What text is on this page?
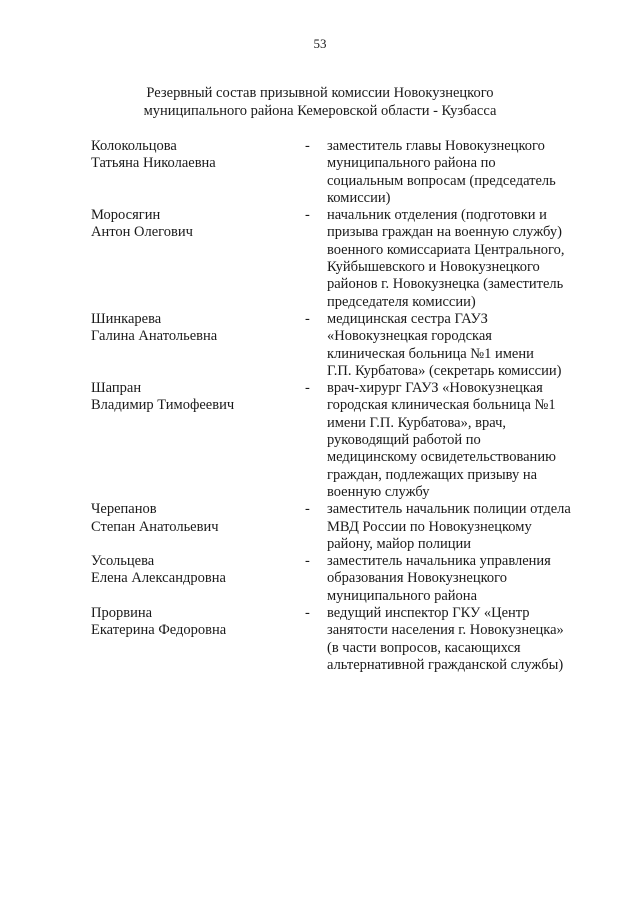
53
Резервный состав призывной комиссии Новокузнецкого
муниципального района Кемеровской области - Кузбасса
Колокольцова
Татьяна Николаевна
-	заместитель главы Новокузнецкого
муниципального района по
социальным вопросам (председатель
комиссии)
Моросягин
Антон Олегович
-	начальник отделения (подготовки и
призыва граждан на военную службу)
военного комиссариата Центрального,
Куйбышевского и Новокузнецкого
районов г. Новокузнецка (заместитель
председателя комиссии)
Шинкарева
Галина Анатольевна
-	медицинская сестра ГАУЗ
«Новокузнецкая городская
клиническая больница №1 имени
Г.П. Курбатова» (секретарь комиссии)
Шапран
Владимир Тимофеевич
-	врач-хирург ГАУЗ «Новокузнецкая
городская клиническая больница №1
имени Г.П. Курбатова», врач,
руководящий работой по
медицинскому освидетельствованию
граждан, подлежащих призыву на
военную службу
Черепанов
Степан Анатольевич
-	заместитель начальник полиции отдела
МВД России по Новокузнецкому
району, майор полиции
Усольцева
Елена Александровна
-	заместитель начальника управления
образования Новокузнецкого
муниципального района
Прорвина
Екатерина Федоровна
-	ведущий инспектор ГКУ «Центр
занятости населения г. Новокузнецка»
(в части вопросов, касающихся
альтернативной гражданской службы)
